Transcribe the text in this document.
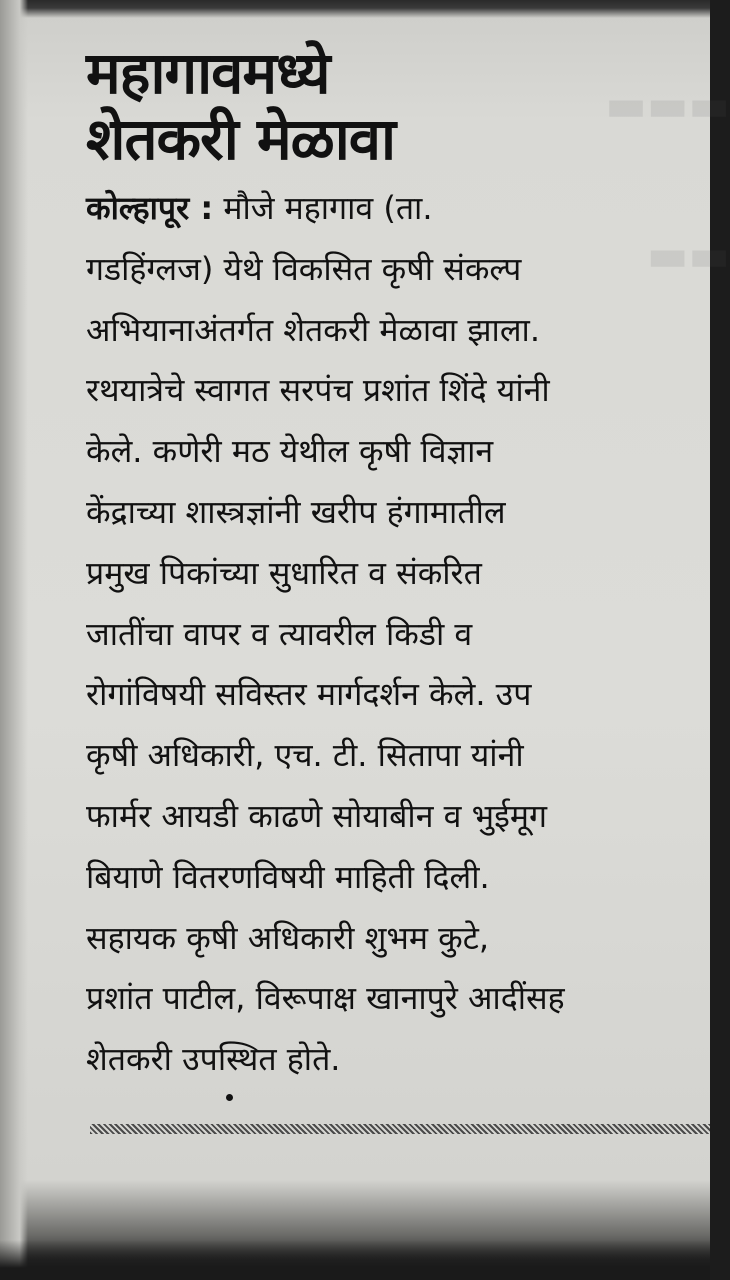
▬▬▬
▬▬
महागावमध्ये
शेतकरी मेळावा
कोल्हापूर : मौजे महागाव (ता.
गडहिंग्लज) येथे विकसित कृषी संकल्प
अभियानाअंतर्गत शेतकरी मेळावा झाला.
रथयात्रेचे स्वागत सरपंच प्रशांत शिंदे यांनी
केले. कणेरी मठ येथील कृषी विज्ञान
केंद्राच्या शास्त्रज्ञांनी खरीप हंगामातील
प्रमुख पिकांच्या सुधारित व संकरित
जातींचा वापर व त्यावरील किडी व
रोगांविषयी सविस्तर मार्गदर्शन केले. उप
कृषी अधिकारी, एच. टी. सितापा यांनी
फार्मर आयडी काढणे सोयाबीन व भुईमूग
बियाणे वितरणविषयी माहिती दिली.
सहायक कृषी अधिकारी शुभम कुटे,
प्रशांत पाटील, विरूपाक्ष खानापुरे आदींसह
शेतकरी उपस्थित होते.
